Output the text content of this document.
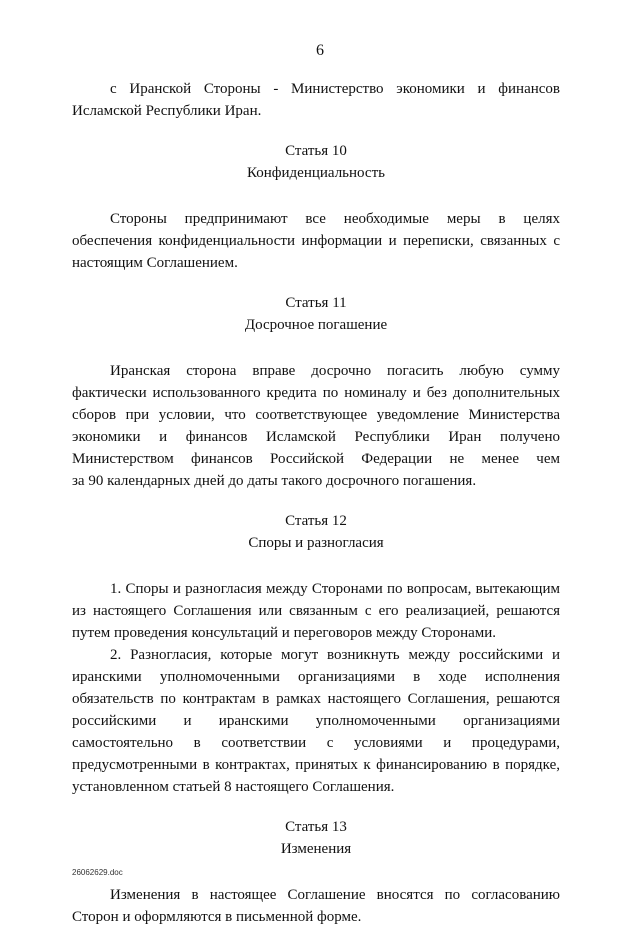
6
с Иранской Стороны - Министерство экономики и финансов
Исламской Республики Иран.
Статья 10
Конфиденциальность
Стороны предпринимают все необходимые меры в целях
обеспечения конфиденциальности информации и переписки, связанных с
настоящим Соглашением.
Статья 11
Досрочное погашение
Иранская сторона вправе досрочно погасить любую сумму
фактически использованного кредита по номиналу и без дополнительных
сборов при условии, что соответствующее уведомление Министерства
экономики и финансов Исламской Республики Иран получено
Министерством финансов Российской Федерации не менее чем
за 90 календарных дней до даты такого досрочного погашения.
Статья 12
Споры и разногласия
1. Споры и разногласия между Сторонами по вопросам, вытекающим
из настоящего Соглашения или связанным с его реализацией, решаются
путем проведения консультаций и переговоров между Сторонами.
2. Разногласия, которые могут возникнуть между российскими и
иранскими уполномоченными организациями в ходе исполнения
обязательств по контрактам в рамках настоящего Соглашения, решаются
российскими и иранскими уполномоченными организациями
самостоятельно в соответствии с условиями и процедурами,
предусмотренными в контрактах, принятых к финансированию в порядке,
установленном статьей 8 настоящего Соглашения.
Статья 13
Изменения
Изменения в настоящее Соглашение вносятся по согласованию
Сторон и оформляются в письменной форме.
26062629.doc
